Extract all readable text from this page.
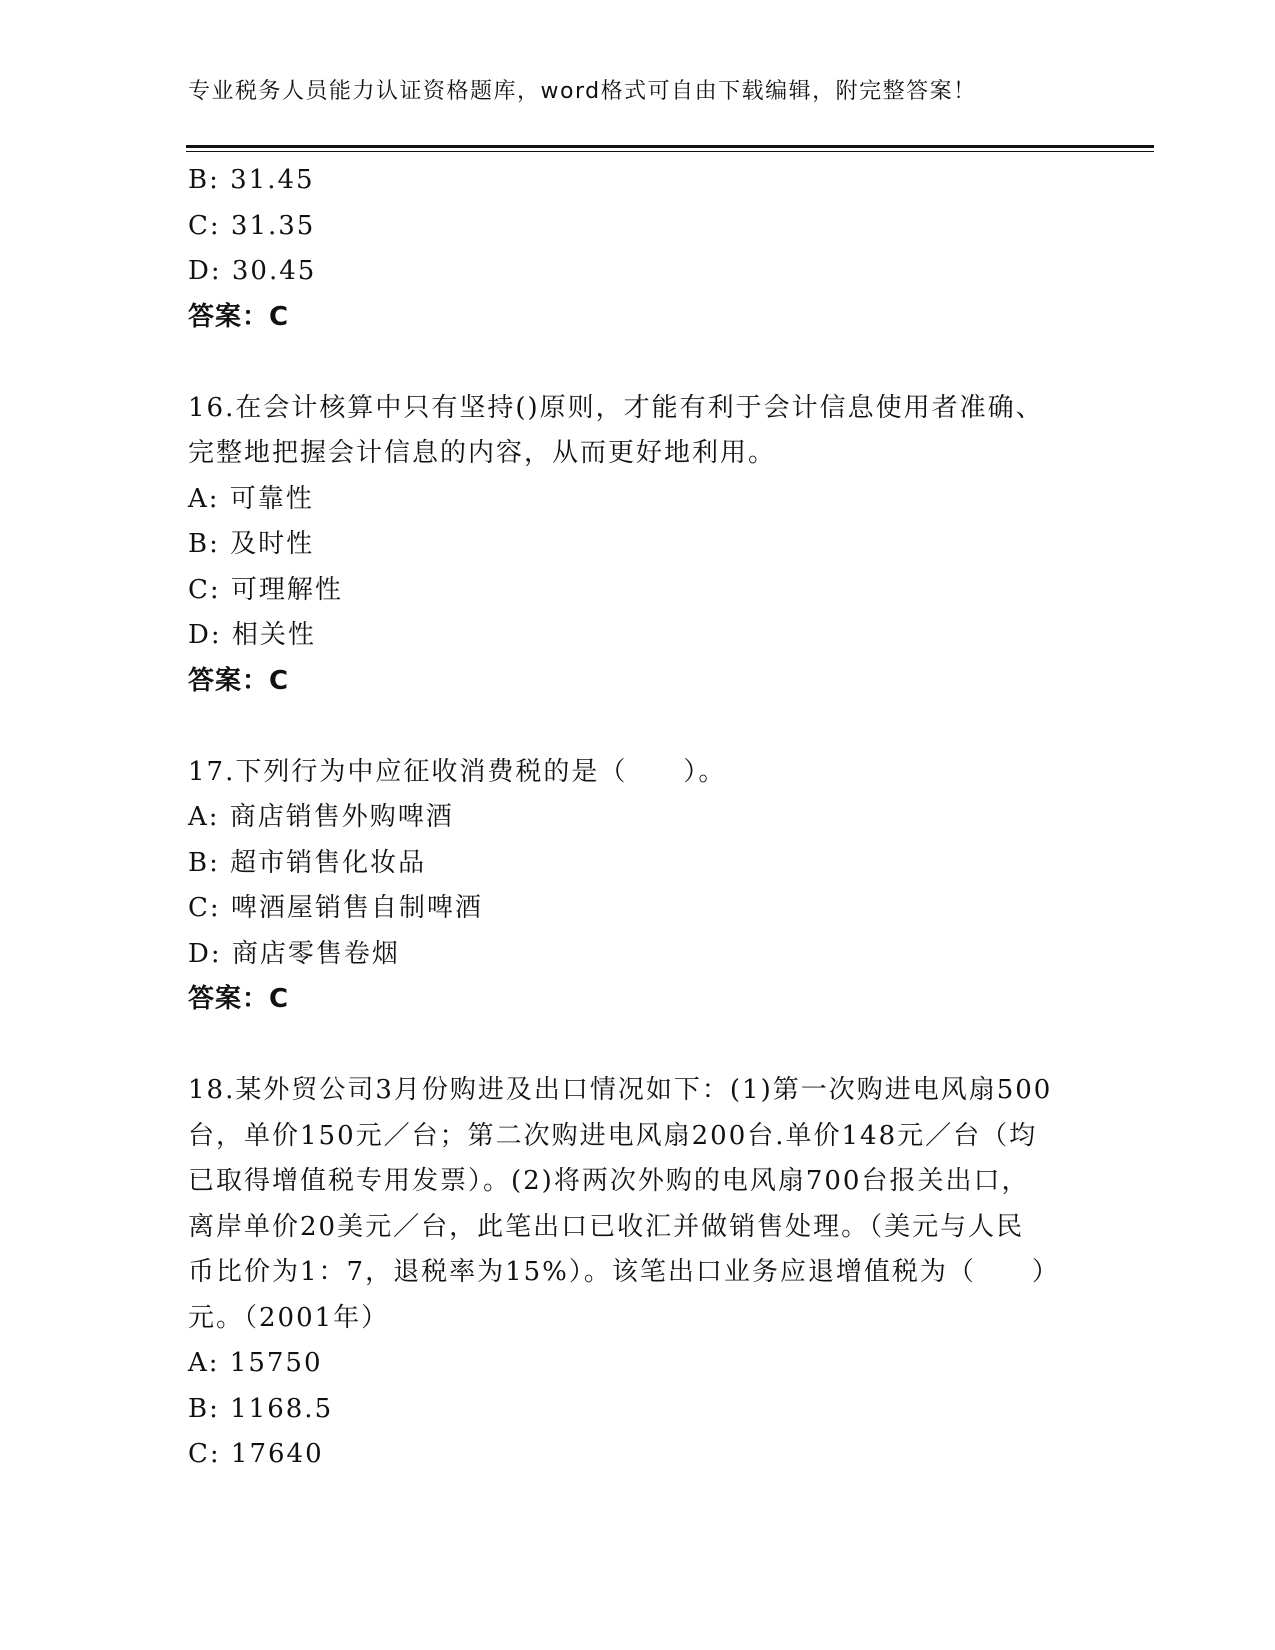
专业税务人员能力认证资格题库，word格式可自由下载编辑，附完整答案！
B: 31.45
C: 31.35
D: 30.45
答案：C
16.在会计核算中只有坚持()原则，才能有利于会计信息使用者准确、
完整地把握会计信息的内容，从而更好地利用。
A: 可靠性
B: 及时性
C: 可理解性
D: 相关性
答案：C
17.下列行为中应征收消费税的是（　　）。
A: 商店销售外购啤酒
B: 超市销售化妆品
C: 啤酒屋销售自制啤酒
D: 商店零售卷烟
答案：C
18.某外贸公司3月份购进及出口情况如下：(1)第一次购进电风扇500
台，单价150元／台；第二次购进电风扇200台.单价148元／台（均
已取得增值税专用发票）。(2)将两次外购的电风扇700台报关出口，
离岸单价20美元／台，此笔出口已收汇并做销售处理。（美元与人民
币比价为1：7，退税率为15%）。该笔出口业务应退增值税为（　　）
元。（2001年）
A: 15750
B: 1168.5
C: 17640
